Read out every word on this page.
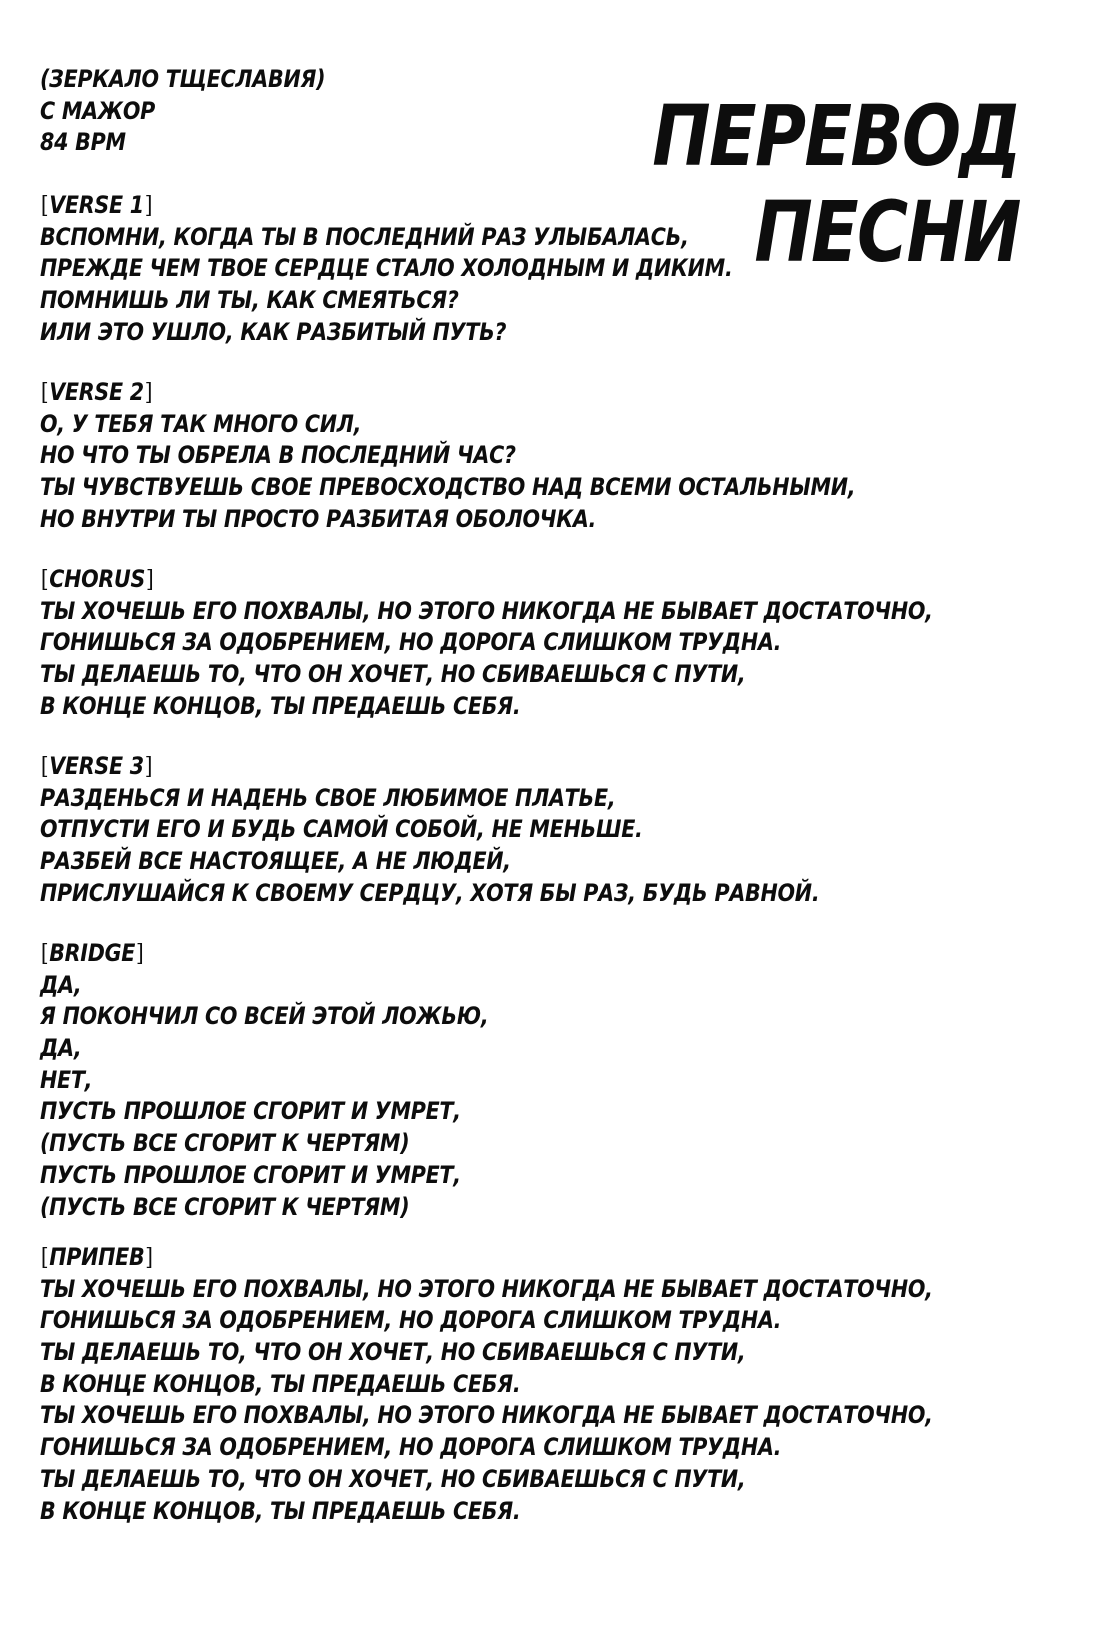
(ЗЕРКАЛО ТЩЕСЛАВИЯ)
C МАЖОР
84 BPM	ПЕРЕВОД
ПЕСНИ
[VERSE 1]
ВСПОМНИ, КОГДА ТЫ В ПОСЛЕДНИЙ РАЗ УЛЫБАЛАСЬ,
ПРЕЖДЕ ЧЕМ ТВОЕ СЕРДЦЕ СТАЛО ХОЛОДНЫМ И ДИКИМ.
ПОМНИШЬ ЛИ ТЫ, КАК СМЕЯТЬСЯ?
ИЛИ ЭТО УШЛО, КАК РАЗБИТЫЙ ПУТЬ?
[VERSE 2]
О, У ТЕБЯ ТАК МНОГО СИЛ,
НО ЧТО ТЫ ОБРЕЛА В ПОСЛЕДНИЙ ЧАС?
ТЫ ЧУВСТВУЕШЬ СВОЕ ПРЕВОСХОДСТВО НАД ВСЕМИ ОСТАЛЬНЫМИ,
НО ВНУТРИ ТЫ ПРОСТО РАЗБИТАЯ ОБОЛОЧКА.
[CHORUS]
ТЫ ХОЧЕШЬ ЕГО ПОХВАЛЫ, НО ЭТОГО НИКОГДА НЕ БЫВАЕТ ДОСТАТОЧНО,
ГОНИШЬСЯ ЗА ОДОБРЕНИЕМ, НО ДОРОГА СЛИШКОМ ТРУДНА.
ТЫ ДЕЛАЕШЬ ТО, ЧТО ОН ХОЧЕТ, НО СБИВАЕШЬСЯ С ПУТИ,
В КОНЦЕ КОНЦОВ, ТЫ ПРЕДАЕШЬ СЕБЯ.
[VERSE 3]
РАЗДЕНЬСЯ И НАДЕНЬ СВОЕ ЛЮБИМОЕ ПЛАТЬЕ,
ОТПУСТИ ЕГО И БУДЬ САМОЙ СОБОЙ, НЕ МЕНЬШЕ.
РАЗБЕЙ ВСЕ НАСТОЯЩЕЕ, А НЕ ЛЮДЕЙ,
ПРИСЛУШАЙСЯ К СВОЕМУ СЕРДЦУ, ХОТЯ БЫ РАЗ, БУДЬ РАВНОЙ.
[BRIDGE]
ДА,
Я ПОКОНЧИЛ СО ВСЕЙ ЭТОЙ ЛОЖЬЮ,
ДА,
НЕТ,
ПУСТЬ ПРОШЛОЕ СГОРИТ И УМРЕТ,
(ПУСТЬ ВСЕ СГОРИТ К ЧЕРТЯМ)
ПУСТЬ ПРОШЛОЕ СГОРИТ И УМРЕТ,
(ПУСТЬ ВСЕ СГОРИТ К ЧЕРТЯМ)
[ПРИПЕВ]
ТЫ ХОЧЕШЬ ЕГО ПОХВАЛЫ, НО ЭТОГО НИКОГДА НЕ БЫВАЕТ ДОСТАТОЧНО,
ГОНИШЬСЯ ЗА ОДОБРЕНИЕМ, НО ДОРОГА СЛИШКОМ ТРУДНА.
ТЫ ДЕЛАЕШЬ ТО, ЧТО ОН ХОЧЕТ, НО СБИВАЕШЬСЯ С ПУТИ,
В КОНЦЕ КОНЦОВ, ТЫ ПРЕДАЕШЬ СЕБЯ.
ТЫ ХОЧЕШЬ ЕГО ПОХВАЛЫ, НО ЭТОГО НИКОГДА НЕ БЫВАЕТ ДОСТАТОЧНО,
ГОНИШЬСЯ ЗА ОДОБРЕНИЕМ, НО ДОРОГА СЛИШКОМ ТРУДНА.
ТЫ ДЕЛАЕШЬ ТО, ЧТО ОН ХОЧЕТ, НО СБИВАЕШЬСЯ С ПУТИ,
В КОНЦЕ КОНЦОВ, ТЫ ПРЕДАЕШЬ СЕБЯ.
